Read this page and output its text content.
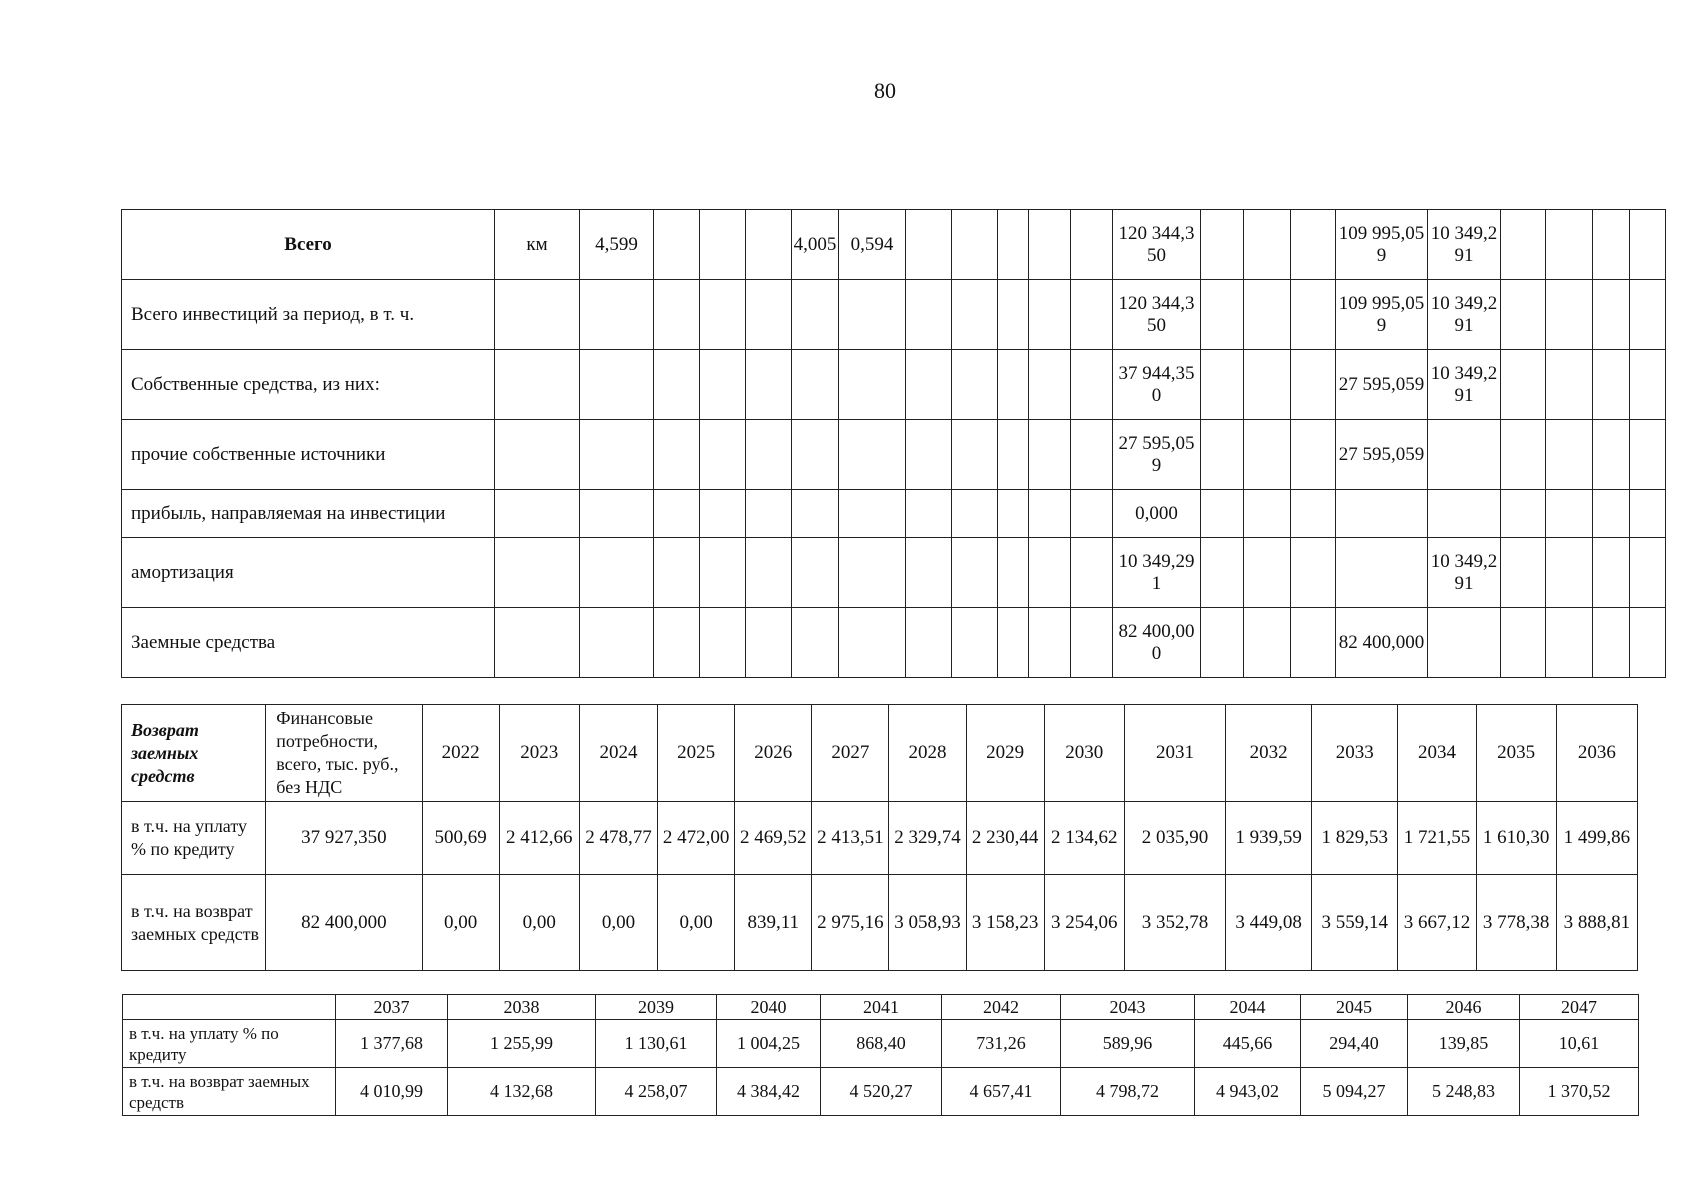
80
Всего	км	4,599				4,005	0,594						120 344,350				109 995,059	10 349,291				
Всего инвестиций за период, в т. ч.													120 344,350				109 995,059	10 349,291				
Собственные средства, из них:													37 944,350				27 595,059	10 349,291				
прочие собственные источники													27 595,059				27 595,059					
прибыль, направляемая на инвестиции													0,000									
амортизация													10 349,291					10 349,291				
Заемные средства													82 400,000				82 400,000					
Возврат заемных средств	Финансовые потребности, всего, тыс. руб., без НДС	2022	2023	2024	2025	2026	2027	2028	2029	2030	2031	2032	2033	2034	2035	2036
в т.ч. на уплату % по кредиту	37 927,350	500,69	2 412,66	2 478,77	2 472,00	2 469,52	2 413,51	2 329,74	2 230,44	2 134,62	2 035,90	1 939,59	1 829,53	1 721,55	1 610,30	1 499,86
в т.ч. на возврат заемных средств	82 400,000	0,00	0,00	0,00	0,00	839,11	2 975,16	3 058,93	3 158,23	3 254,06	3 352,78	3 449,08	3 559,14	3 667,12	3 778,38	3 888,81
	2037	2038	2039	2040	2041	2042	2043	2044	2045	2046	2047
в т.ч. на уплату % по кредиту	1 377,68	1 255,99	1 130,61	1 004,25	868,40	731,26	589,96	445,66	294,40	139,85	10,61
в т.ч. на возврат заемных средств	4 010,99	4 132,68	4 258,07	4 384,42	4 520,27	4 657,41	4 798,72	4 943,02	5 094,27	5 248,83	1 370,52
